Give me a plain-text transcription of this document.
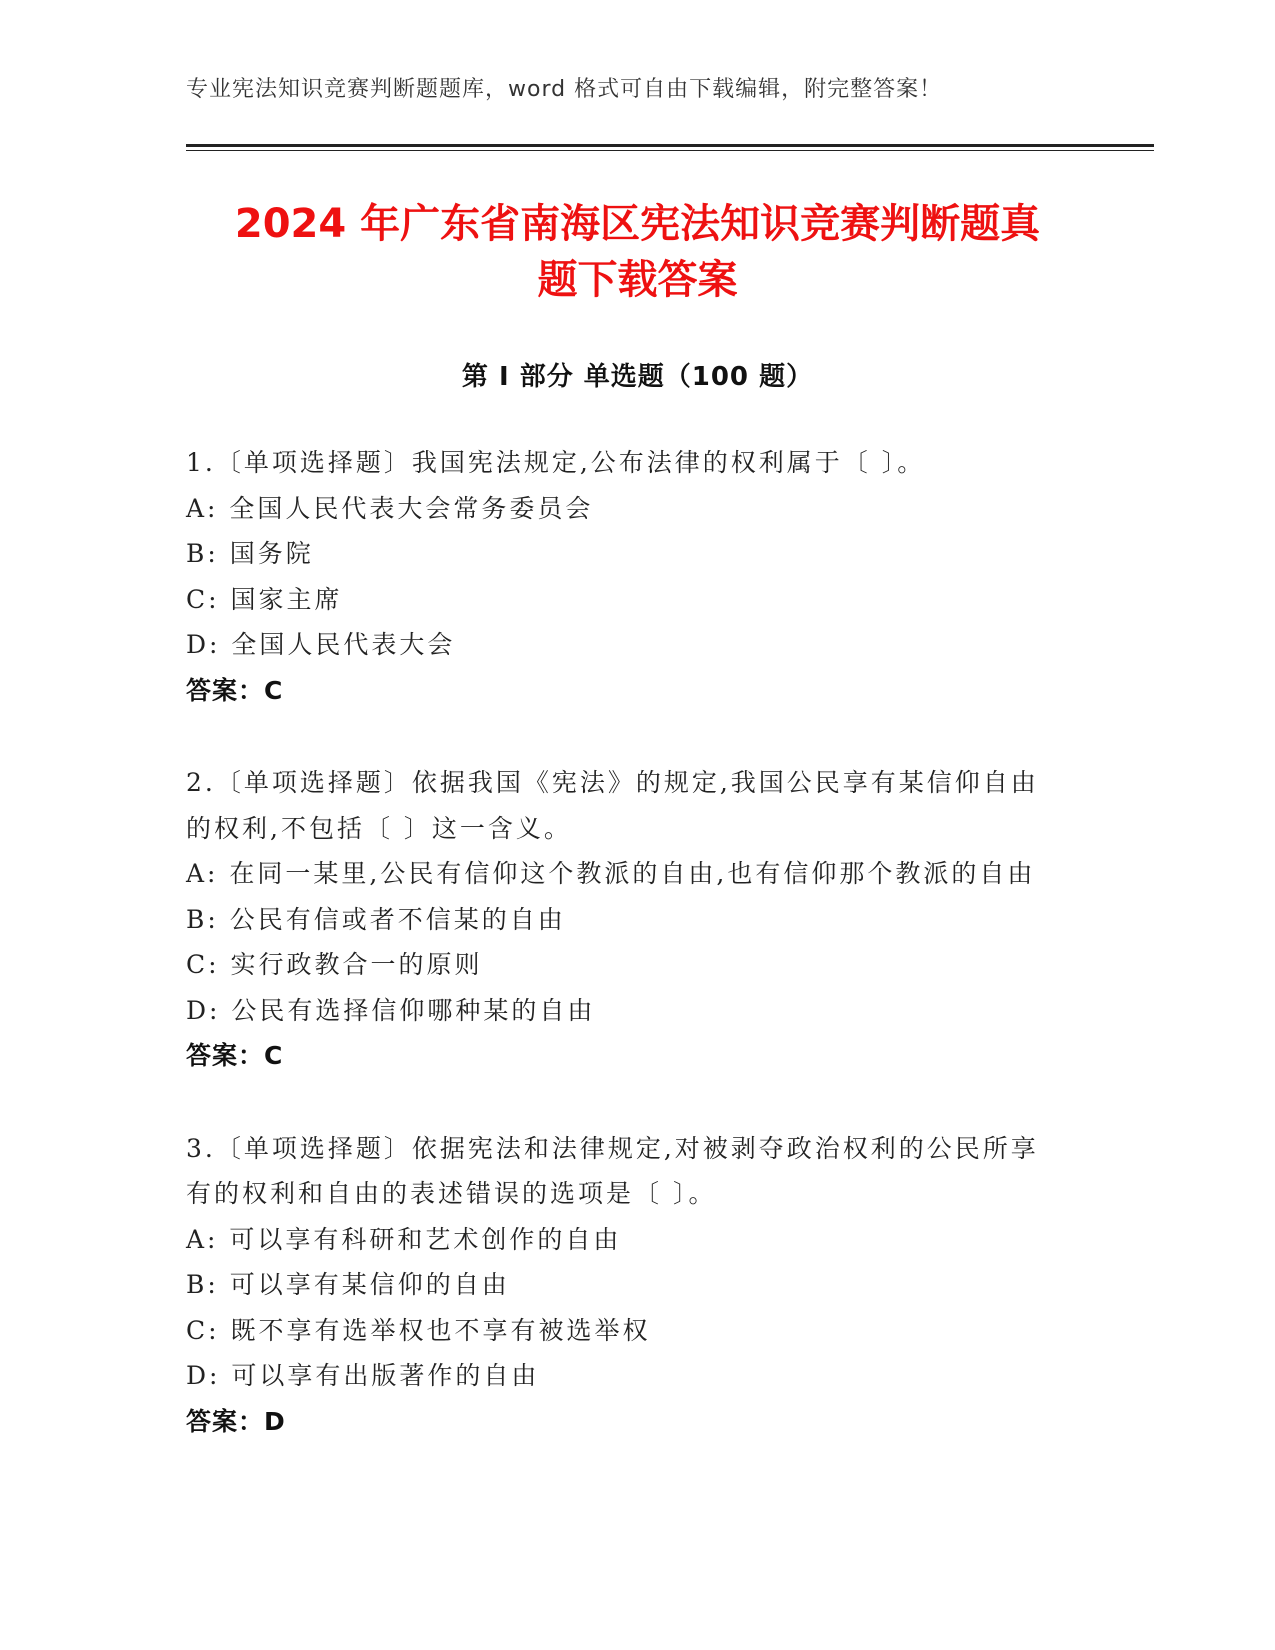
专业宪法知识竞赛判断题题库，word 格式可自由下载编辑，附完整答案！
2024 年广东省南海区宪法知识竞赛判断题真
题下载答案
第 I 部分 单选题（100 题）
1.〔单项选择题〕我国宪法规定,公布法律的权利属于〔 〕。
A: 全国人民代表大会常务委员会
B: 国务院
C: 国家主席
D: 全国人民代表大会
答案：C
2.〔单项选择题〕依据我国《宪法》的规定,我国公民享有某信仰自由
的权利,不包括〔 〕这一含义。
A: 在同一某里,公民有信仰这个教派的自由,也有信仰那个教派的自由
B: 公民有信或者不信某的自由
C: 实行政教合一的原则
D: 公民有选择信仰哪种某的自由
答案：C
3.〔单项选择题〕依据宪法和法律规定,对被剥夺政治权利的公民所享
有的权利和自由的表述错误的选项是〔 〕。
A: 可以享有科研和艺术创作的自由
B: 可以享有某信仰的自由
C: 既不享有选举权也不享有被选举权
D: 可以享有出版著作的自由
答案：D
